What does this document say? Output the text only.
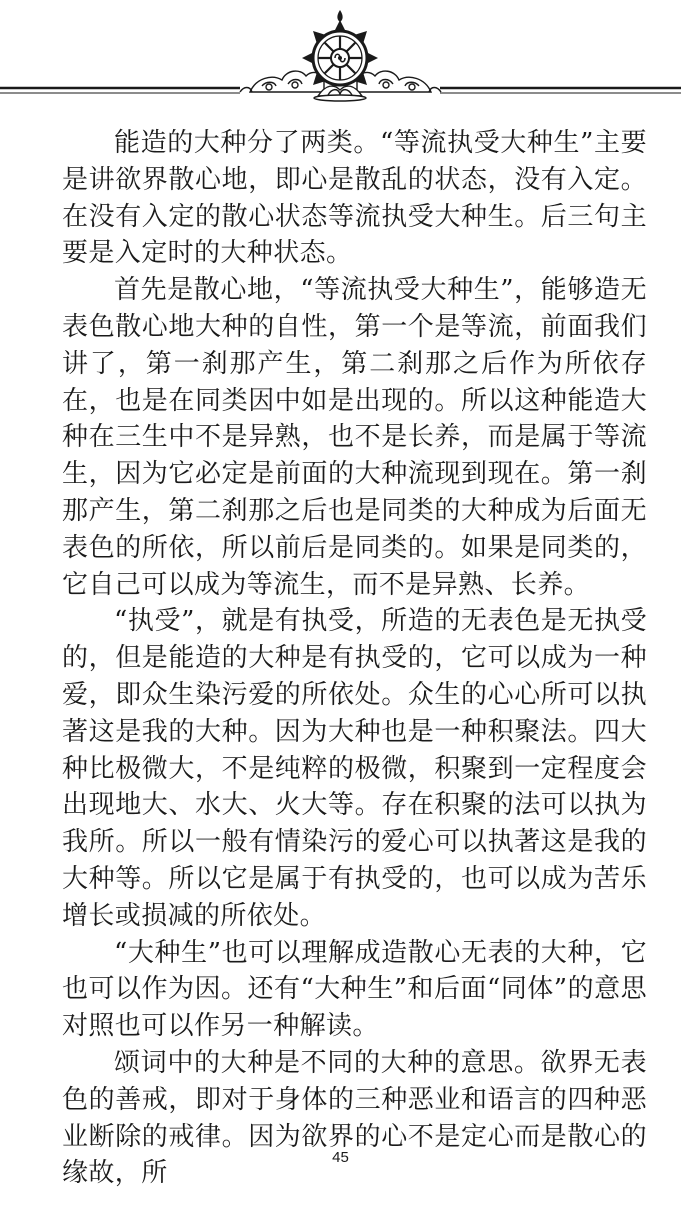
能造的大种分了两类。“等流执受大种生”主要是讲欲界散心地，即心是散乱的状态，没有入定。在没有入定的散心状态等流执受大种生。后三句主要是入定时的大种状态。

首先是散心地，“等流执受大种生”，能够造无表色散心地大种的自性，第一个是等流，前面我们讲了，第一刹那产生，第二刹那之后作为所依存在，也是在同类因中如是出现的。所以这种能造大种在三生中不是异熟，也不是长养，而是属于等流生，因为它必定是前面的大种流现到现在。第一刹那产生，第二刹那之后也是同类的大种成为后面无表色的所依，所以前后是同类的。如果是同类的，它自己可以成为等流生，而不是异熟、长养。

“执受”，就是有执受，所造的无表色是无执受的，但是能造的大种是有执受的，它可以成为一种爱，即众生染污爱的所依处。众生的心心所可以执著这是我的大种。因为大种也是一种积聚法。四大种比极微大，不是纯粹的极微，积聚到一定程度会出现地大、水大、火大等。存在积聚的法可以执为我所。所以一般有情染污的爱心可以执著这是我的大种等。所以它是属于有执受的，也可以成为苦乐增长或损减的所依处。

“大种生”也可以理解成造散心无表的大种，它也可以作为因。还有“大种生”和后面“同体”的意思对照也可以作另一种解读。

颂词中的大种是不同的大种的意思。欲界无表色的善戒，即对于身体的三种恶业和语言的四种恶业断除的戒律。因为欲界的心不是定心而是散心的缘故，所

45
